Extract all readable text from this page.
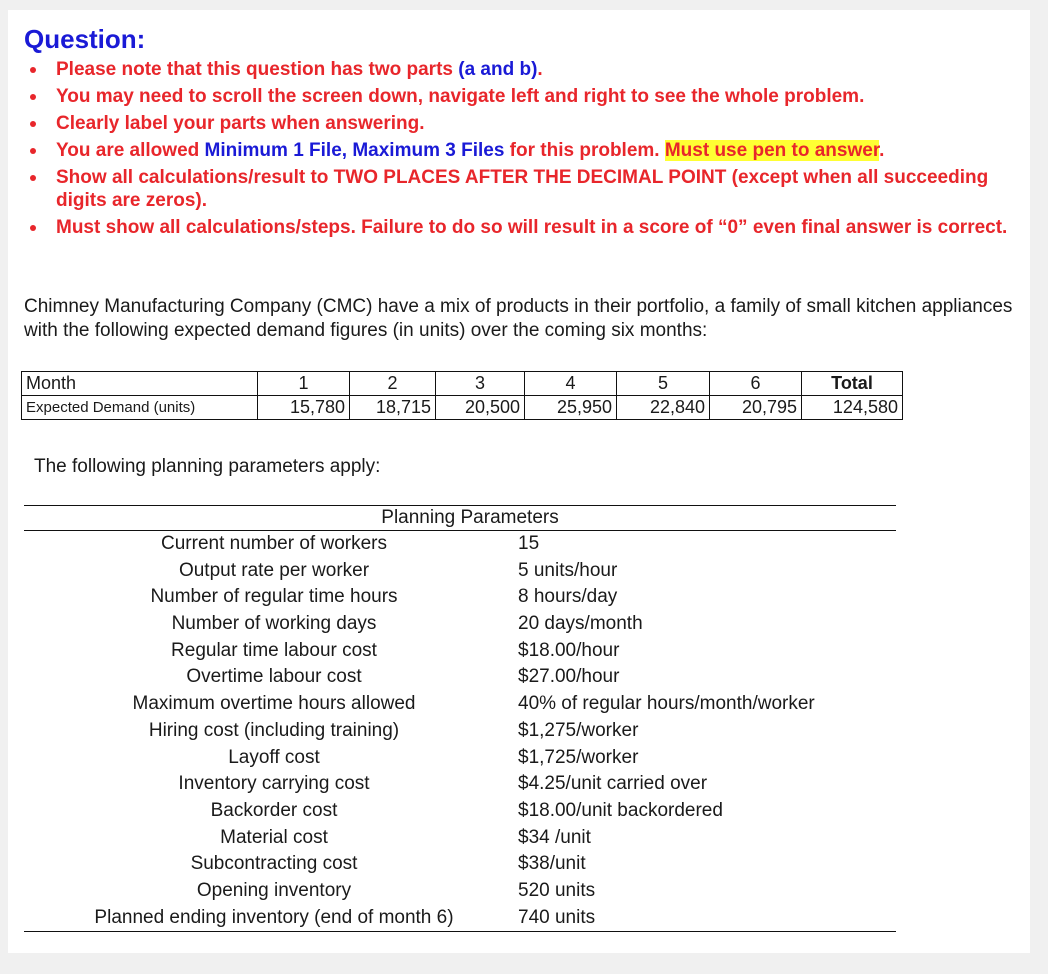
Question:
Please note that this question has two parts (a and b).
You may need to scroll the screen down, navigate left and right to see the whole problem.
Clearly label your parts when answering.
You are allowed Minimum 1 File, Maximum 3 Files for this problem. Must use pen to answer.
Show all calculations/result to TWO PLACES AFTER THE DECIMAL POINT (except when all succeeding digits are zeros).
Must show all calculations/steps. Failure to do so will result in a score of “0” even final answer is correct.

Chimney Manufacturing Company (CMC) have a mix of products in their portfolio, a family of small kitchen appliances with the following expected demand figures (in units) over the coming six months:

Month	1	2	3	4	5	6	Total
Expected Demand (units)	15,780	18,715	20,500	25,950	22,840	20,795	124,580

The following planning parameters apply:

Planning Parameters
Current number of workers	15
Output rate per worker	5 units/hour
Number of regular time hours	8 hours/day
Number of working days	20 days/month
Regular time labour cost	$18.00/hour
Overtime labour cost	$27.00/hour
Maximum overtime hours allowed	40% of regular hours/month/worker
Hiring cost (including training)	$1,275/worker
Layoff cost	$1,725/worker
Inventory carrying cost	$4.25/unit carried over
Backorder cost	$18.00/unit backordered
Material cost	$34 /unit
Subcontracting cost	$38/unit
Opening inventory	520 units
Planned ending inventory (end of month 6)	740 units
